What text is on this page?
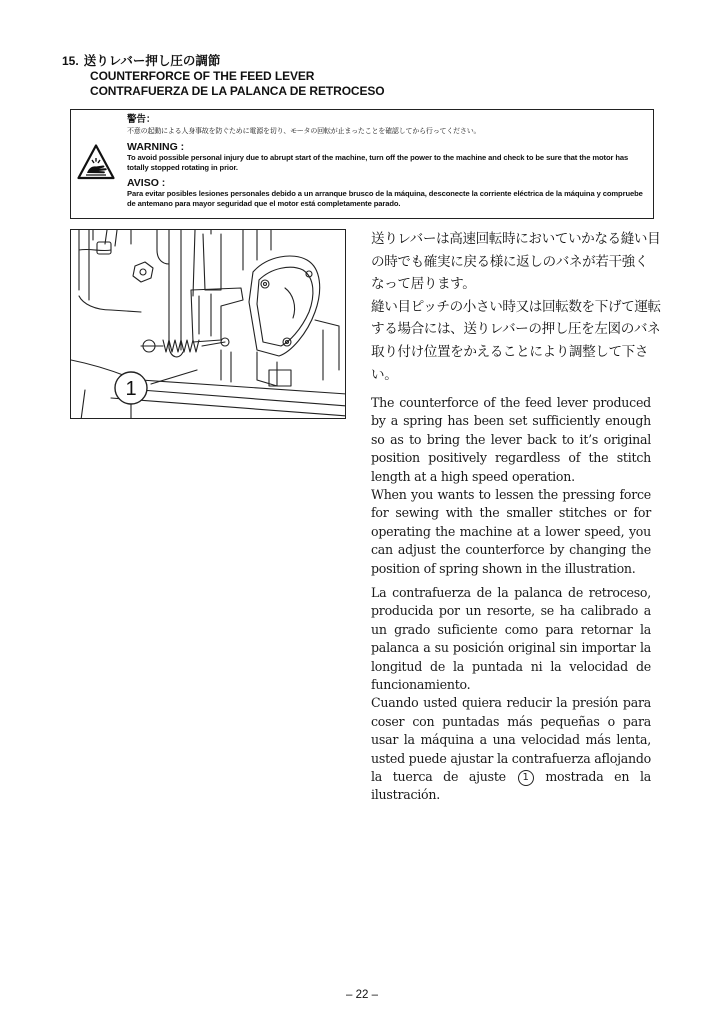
15. 送りレバー押し圧の調節
COUNTERFORCE OF THE FEED LEVER
CONTRAFUERZA DE LA PALANCA DE RETROCESO
警告：
不意の起動による人身事故を防ぐために電源を切り、モータの回転が止まったことを確認してから行ってください。
WARNING :
To avoid possible personal injury due to abrupt start of the machine, turn off the power to the machine and check to be sure that the motor has totally stopped rotating in prior.
AVISO :
Para evitar posibles lesiones personales debido a un arranque brusco de la máquina, desconecte la corriente eléctrica de la máquina y compruebe de antemano para mayor seguridad que el motor está completamente parado.
1

送りレバーは高速回転時においていかなる縫い目の時でも確実に戻る様に返しのバネが若干強くなって居ります。

縫い目ピッチの小さい時又は回転数を下げて運転する場合には、送りレバーの押し圧を左図のバネ取り付け位置をかえることにより調整して下さい。

The counterforce of the feed lever produced by a spring has been set sufficiently enough so as to bring the lever back to it’s original position positively regardless of the stitch length at a high speed operation.

When you wants to lessen the pressing force for sewing with the smaller stitches or for operating the machine at a lower speed, you can adjust the counterforce by changing the position of spring shown in the illustration.

La contrafuerza de la palanca de retroceso, producida por un resorte, se ha calibrado a un grado suficiente como para retornar la palanca a su posición original sin importar la longitud de la puntada ni la velocidad de funcionamiento.

Cuando usted quiera reducir la presión para coser con puntadas más pequeñas o para usar la máquina a una velocidad más lenta, usted puede ajustar la contrafuerza aflojando la tuerca de ajuste 1 mostrada en la ilustración.

– 22 –
